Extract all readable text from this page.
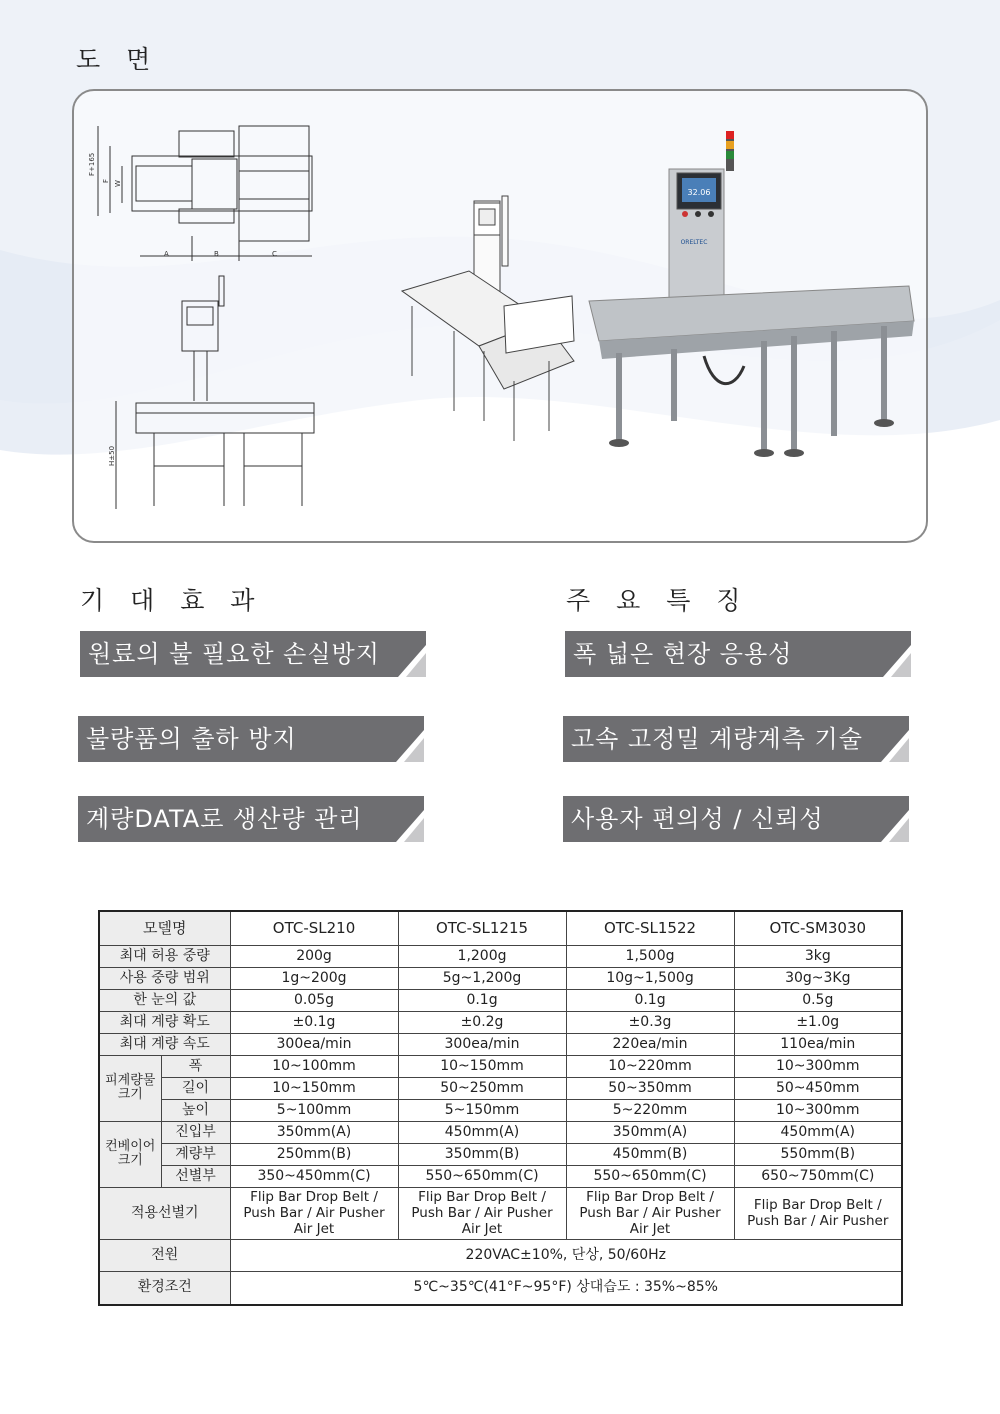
도 면
F+165
F W
A	B	C
H±50
32.06
ORELTEC
기 대 효 과	주 요 특 징
원료의 불 필요한 손실방지
불량품의 출하 방지
계량DATA로 생산량 관리
폭 넓은 현장 응용성
고속 고정밀 계량계측 기술
사용자 편의성 / 신뢰성
모델명		OTC-SL210	OTC-SL1215	OTC-SL1522	OTC-SM3030
최대 허용 중량		200g	1,200g	1,500g	3kg
사용 중량 범위		1g~200g	5g~1,200g	10g~1,500g	30g~3Kg
한 눈의 값		0.05g	0.1g	0.1g	0.5g
최대 계량 확도		±0.1g	±0.2g	±0.3g	±1.0g
최대 계량 속도		300ea/min	300ea/min	220ea/min	110ea/min
피계량물 크기	폭	10~100mm	10~150mm	10~220mm	10~300mm
	길이	10~150mm	50~250mm	50~350mm	50~450mm
	높이	5~100mm	5~150mm	5~220mm	10~300mm
컨베이어 크기	진입부	350mm(A)	450mm(A)	350mm(A)	450mm(A)
	계량부	250mm(B)	350mm(B)	450mm(B)	550mm(B)
	선별부	350~450mm(C)	550~650mm(C)	550~650mm(C)	650~750mm(C)
적용선별기		Flip Bar Drop Belt / Push Bar / Air Pusher Air Jet	Flip Bar Drop Belt / Push Bar / Air Pusher Air Jet	Flip Bar Drop Belt / Push Bar / Air Pusher Air Jet	Flip Bar Drop Belt / Push Bar / Air Pusher
전원		220VAC±10%, 단상, 50/60Hz			
환경조건		5℃~35℃(41°F~95°F) 상대습도 : 35%~85%			
